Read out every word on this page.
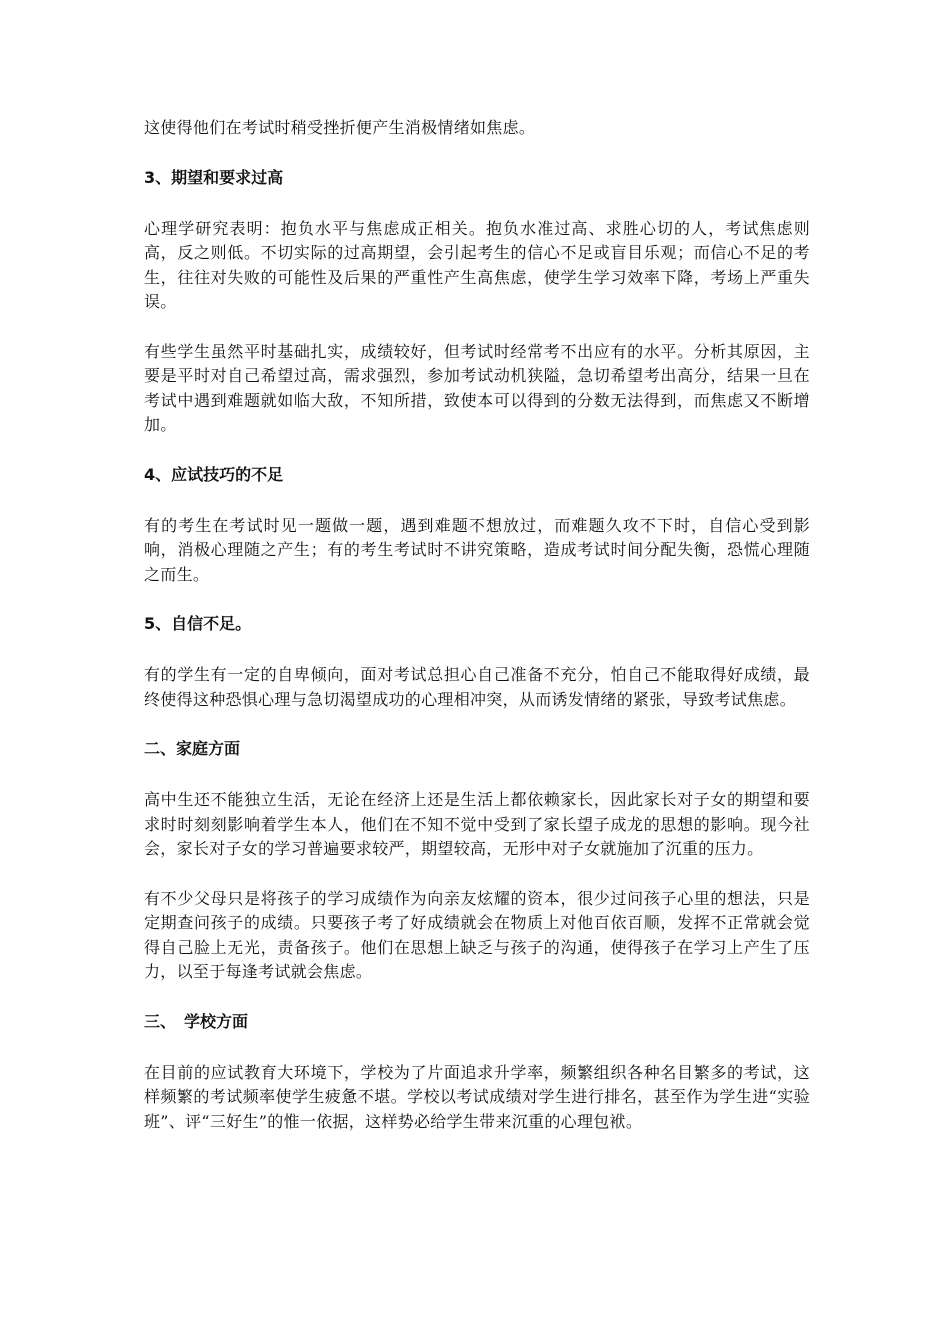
这使得他们在考试时稍受挫折便产生消极情绪如焦虑。

3、期望和要求过高

心理学研究表明：抱负水平与焦虑成正相关。抱负水准过高、求胜心切的人，考试焦虑则高，反之则低。不切实际的过高期望，会引起考生的信心不足或盲目乐观；而信心不足的考生，往往对失败的可能性及后果的严重性产生高焦虑，使学生学习效率下降，考场上严重失误。

有些学生虽然平时基础扎实，成绩较好，但考试时经常考不出应有的水平。分析其原因，主要是平时对自己希望过高，需求强烈，参加考试动机狭隘，急切希望考出高分，结果一旦在考试中遇到难题就如临大敌，不知所措，致使本可以得到的分数无法得到，而焦虑又不断增加。

4、应试技巧的不足

有的考生在考试时见一题做一题，遇到难题不想放过，而难题久攻不下时，自信心受到影响，消极心理随之产生；有的考生考试时不讲究策略，造成考试时间分配失衡，恐慌心理随之而生。

5、自信不足。

有的学生有一定的自卑倾向，面对考试总担心自己准备不充分，怕自己不能取得好成绩，最终使得这种恐惧心理与急切渴望成功的心理相冲突，从而诱发情绪的紧张，导致考试焦虑。

二、家庭方面

高中生还不能独立生活，无论在经济上还是生活上都依赖家长，因此家长对子女的期望和要求时时刻刻影响着学生本人，他们在不知不觉中受到了家长望子成龙的思想的影响。现今社会，家长对子女的学习普遍要求较严，期望较高，无形中对子女就施加了沉重的压力。

有不少父母只是将孩子的学习成绩作为向亲友炫耀的资本，很少过问孩子心里的想法，只是定期查问孩子的成绩。只要孩子考了好成绩就会在物质上对他百依百顺，发挥不正常就会觉得自己脸上无光，责备孩子。他们在思想上缺乏与孩子的沟通，使得孩子在学习上产生了压力，以至于每逢考试就会焦虑。

三、　学校方面

在目前的应试教育大环境下，学校为了片面追求升学率，频繁组织各种名目繁多的考试，这样频繁的考试频率使学生疲惫不堪。学校以考试成绩对学生进行排名，甚至作为学生进“实验班”、评“三好生”的惟一依据，这样势必给学生带来沉重的心理包袱。
